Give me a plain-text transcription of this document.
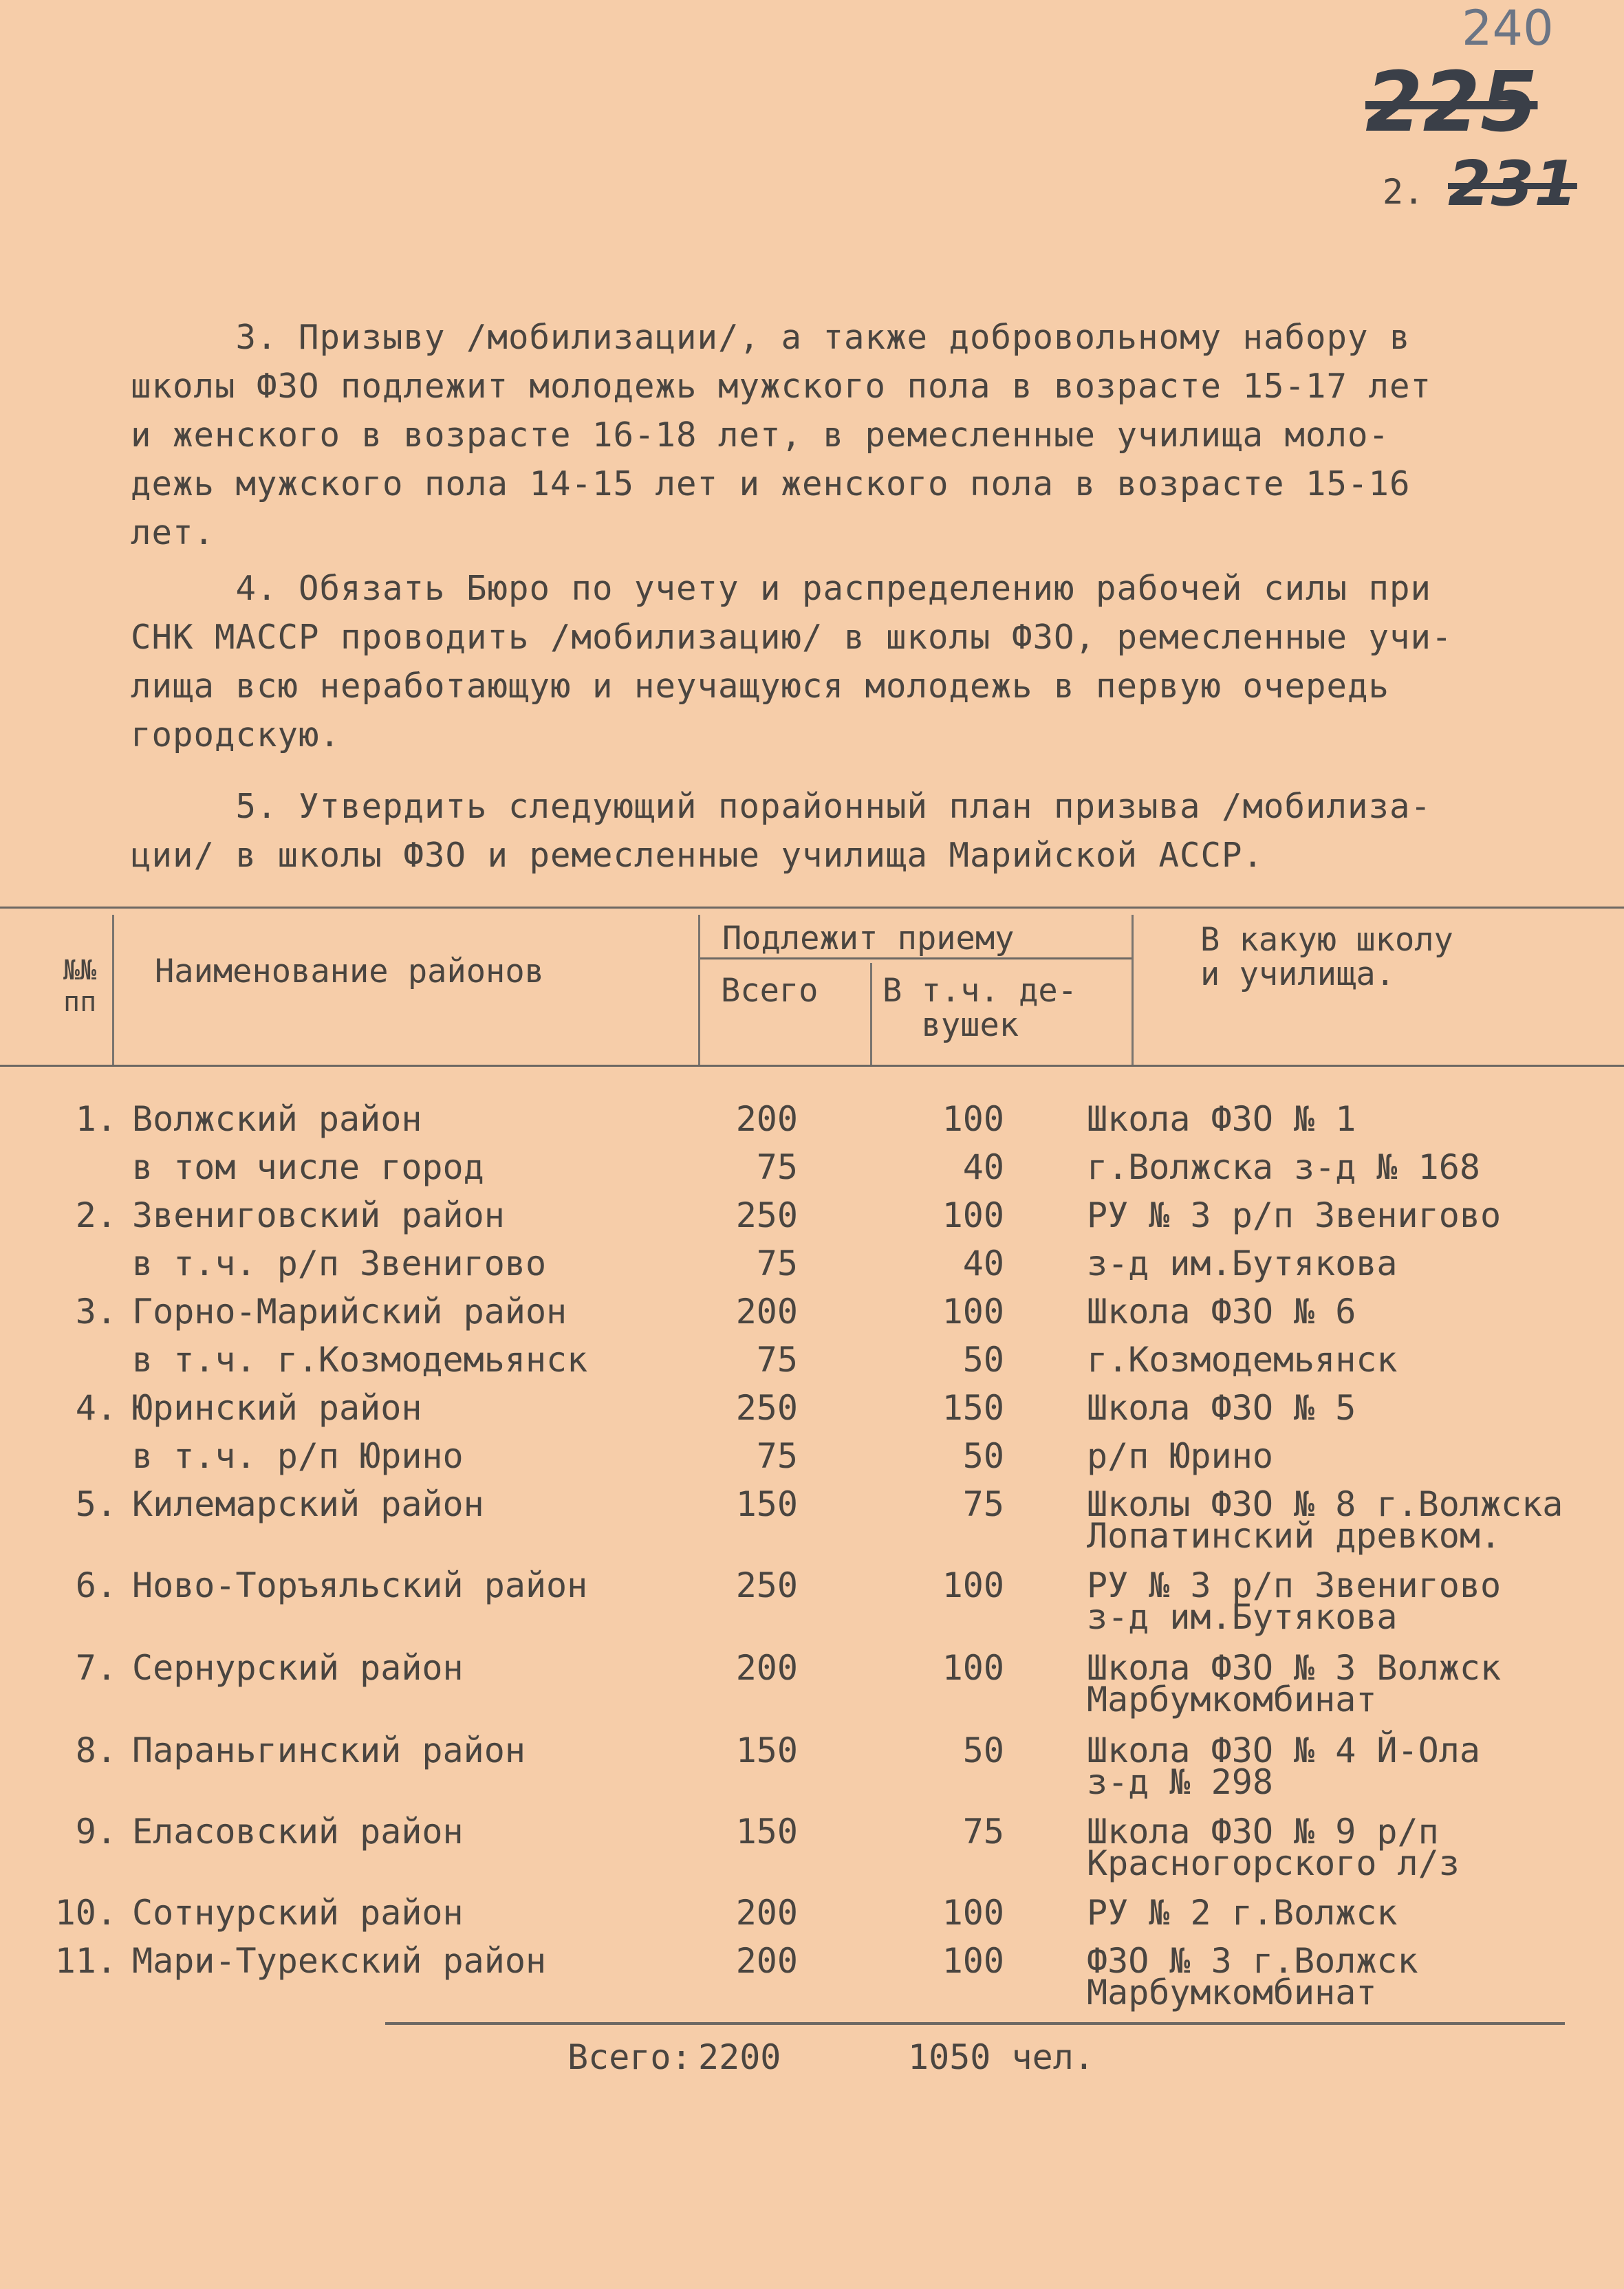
240
225
231
2.
3. Призыву /мобилизации/, а также добровольному набору в
школы ФЗО подлежит молодежь мужского пола в возрасте 15-17 лет
и женского в возрасте 16-18 лет, в ремесленные училища моло-
дежь мужского пола 14-15 лет и женского пола в возрасте 15-16
лет.
4. Обязать Бюро по учету и распределению рабочей силы при
СНК МАССР проводить /мобилизацию/ в школы ФЗО, ремесленные учи-
лища всю неработающую и неучащуюся молодежь в первую очередь
городскую.
5. Утвердить следующий порайонный план призыва /мобилиза-
ции/ в школы ФЗО и ремесленные училища Марийской АССР.
№№
пп
Наименование районов
Подлежит приему
Всего В т.ч. де-
вушек
В какую школу
и училища.
1. Волжский район	200	100 Школа ФЗО № 1
в том числе город	75	40 г.Волжска з-д № 168
2. Звениговский район	250	100 РУ № 3 р/п Звенигово
в т.ч. р/п Звенигово	75	40 з-д им.Бутякова
3. Горно-Марийский район	200	100 Школа ФЗО № 6
в т.ч. г.Козмодемьянск	75	50 г.Козмодемьянск
4. Юринский район	250	150 Школа ФЗО № 5
в т.ч. р/п Юрино	75	50 р/п Юрино
5. Килемарский район	150	75 Школы ФЗО № 8 г.Волжска
Лопатинский древком.
6. Ново-Торъяльский район	250	100 РУ № 3 р/п Звенигово
з-д им.Бутякова
7. Сернурский район	200	100 Школа ФЗО № 3 Волжск
Марбумкомбинат
8. Параньгинский район	150	50 Школа ФЗО № 4 Й-Ола
з-д № 298
9. Еласовский район	150	75 Школа ФЗО № 9 р/п
Красногорского л/з
10. Сотнурский район	200	100 РУ № 2 г.Волжск
11. Мари-Турекский район	200	100 ФЗО № 3 г.Волжск
Марбумкомбинат
Всего: 2200	1050 чел.
